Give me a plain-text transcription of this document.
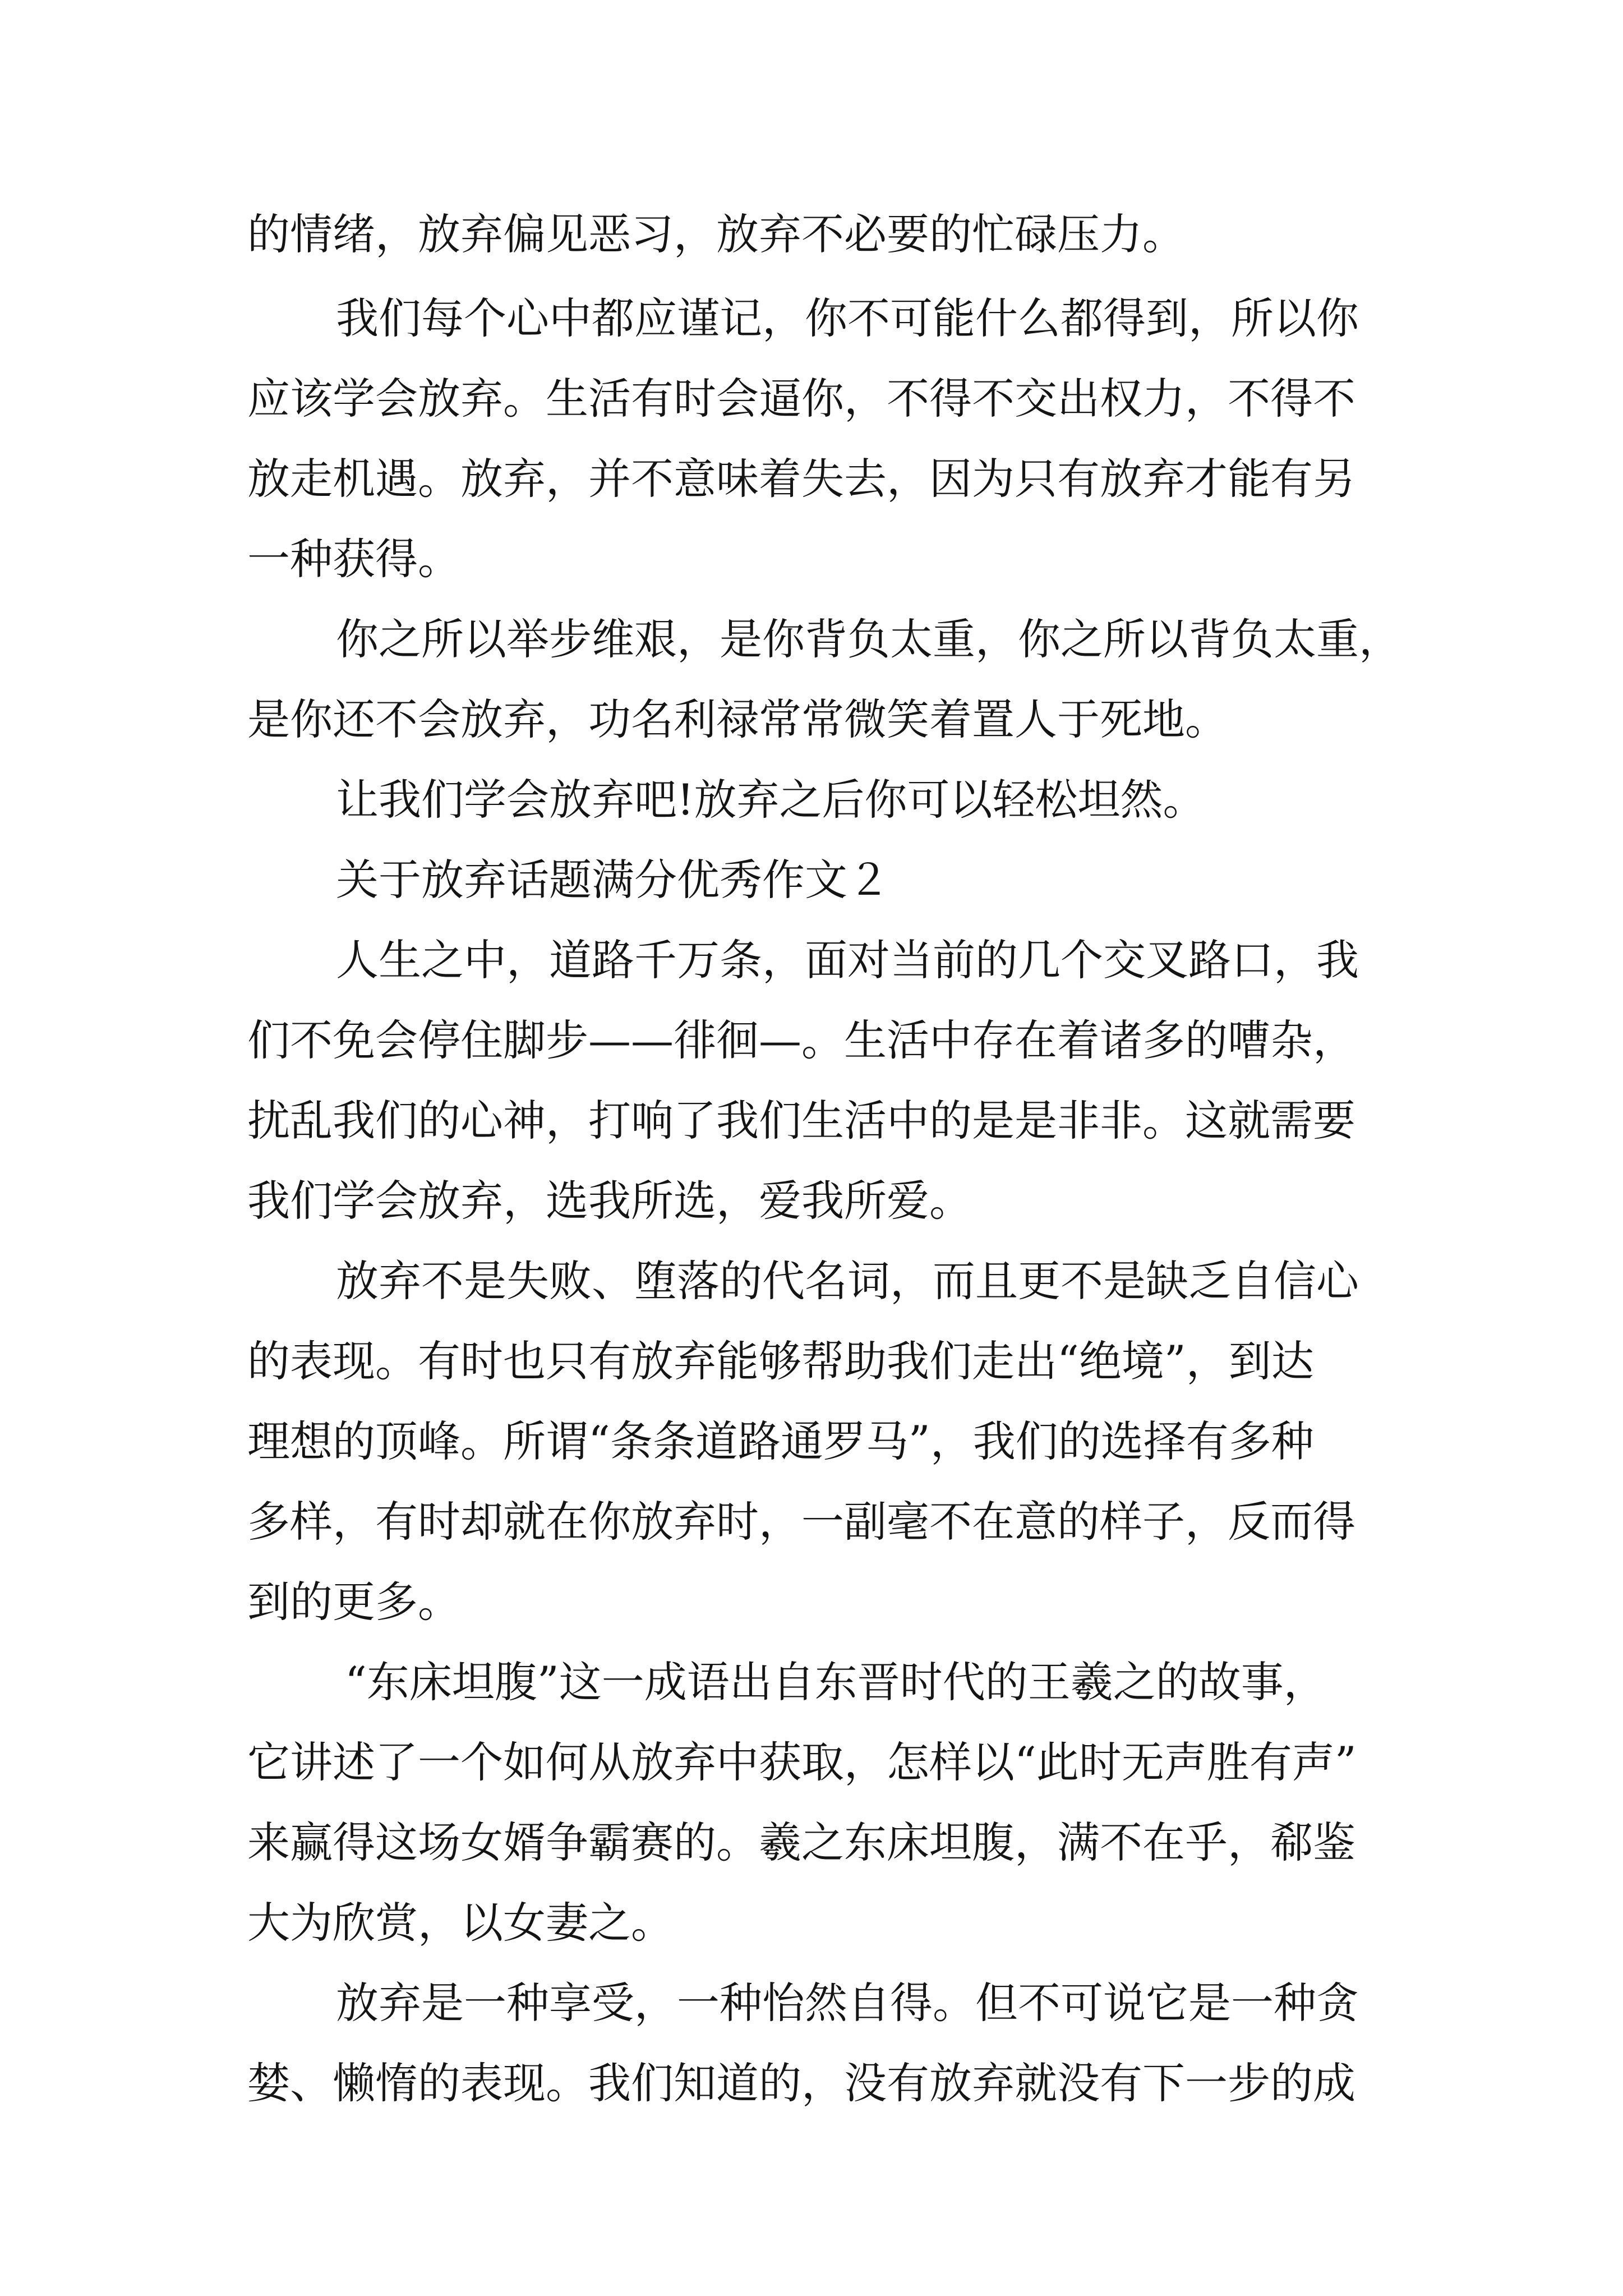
的情绪，放弃偏见恶习，放弃不必要的忙碌压力。
我们每个心中都应谨记，你不可能什么都得到，所以你
应该学会放弃。生活有时会逼你，不得不交出权力，不得不
放走机遇。放弃，并不意味着失去，因为只有放弃才能有另
一种获得。
你之所以举步维艰，是你背负太重，你之所以背负太重，
是你还不会放弃，功名利禄常常微笑着置人于死地。
让我们学会放弃吧!放弃之后你可以轻松坦然。
关于放弃话题满分优秀作文２
人生之中，道路千万条，面对当前的几个交叉路口，我
们不免会停住脚步——徘徊—。生活中存在着诸多的嘈杂，
扰乱我们的心神，打响了我们生活中的是是非非。这就需要
我们学会放弃，选我所选，爱我所爱。
放弃不是失败、堕落的代名词，而且更不是缺乏自信心
的表现。有时也只有放弃能够帮助我们走出“绝境”，到达
理想的顶峰。所谓“条条道路通罗马”，我们的选择有多种
多样，有时却就在你放弃时，一副毫不在意的样子，反而得
到的更多。
“东床坦腹”这一成语出自东晋时代的王羲之的故事，
它讲述了一个如何从放弃中获取，怎样以“此时无声胜有声”
来赢得这场女婿争霸赛的。羲之东床坦腹，满不在乎，郗鉴
大为欣赏，以女妻之。
放弃是一种享受，一种怡然自得。但不可说它是一种贪
婪、懒惰的表现。我们知道的，没有放弃就没有下一步的成
